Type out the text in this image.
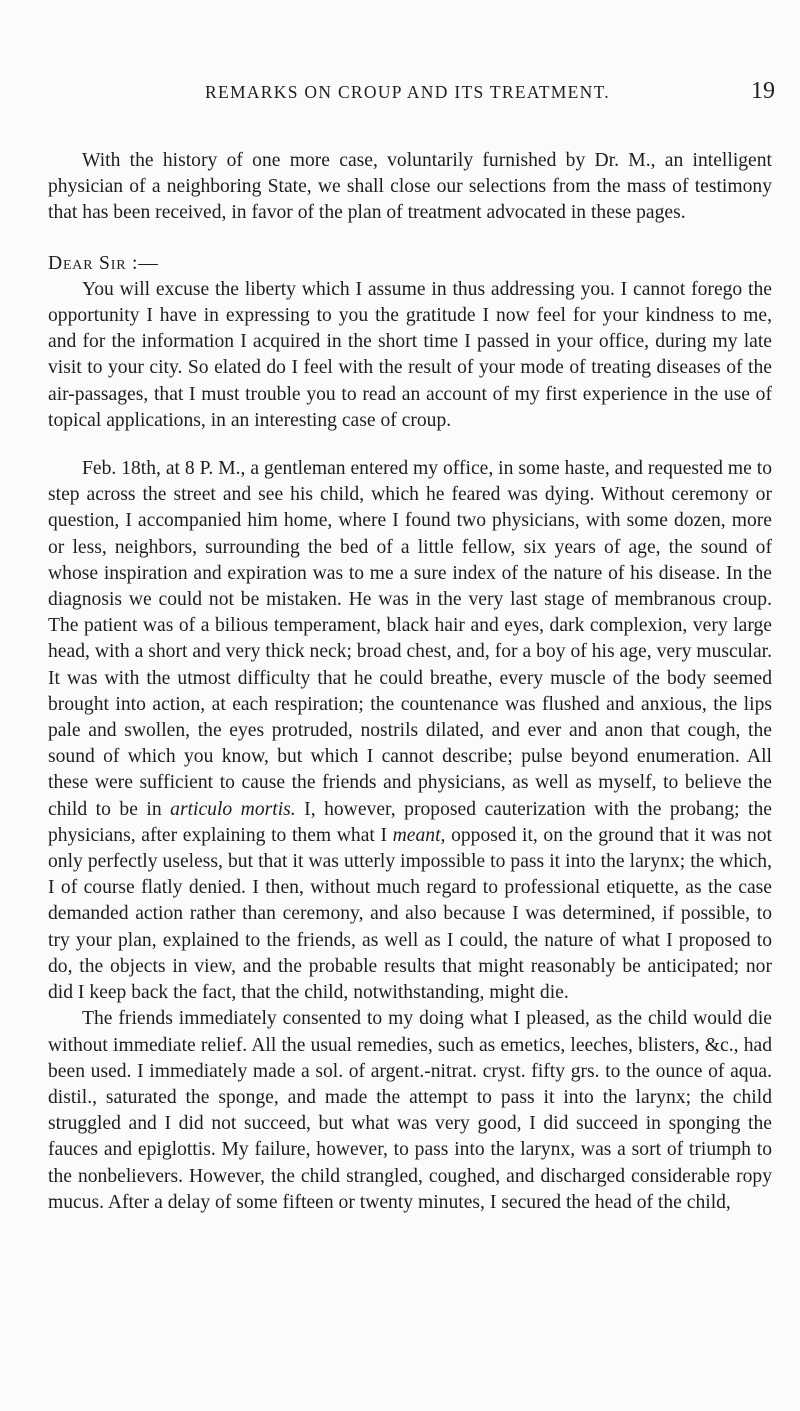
REMARKS ON CROUP AND ITS TREATMENT.	19

With the history of one more case, voluntarily furnished by Dr. M., an intelligent physician of a neighboring State, we shall close our selections from the mass of testimony that has been received, in favor of the plan of treatment advocated in these pages.

Dear Sir :—

You will excuse the liberty which I assume in thus addressing you. I cannot forego the opportunity I have in expressing to you the gratitude I now feel for your kindness to me, and for the information I acquired in the short time I passed in your office, during my late visit to your city. So elated do I feel with the result of your mode of treating diseases of the air-passages, that I must trouble you to read an account of my first experience in the use of topical applications, in an interesting case of croup.

Feb. 18th, at 8 P. M., a gentleman entered my office, in some haste, and requested me to step across the street and see his child, which he feared was dying. Without ceremony or question, I accompanied him home, where I found two physicians, with some dozen, more or less, neighbors, surrounding the bed of a little fellow, six years of age, the sound of whose inspiration and expiration was to me a sure index of the nature of his disease. In the diagnosis we could not be mistaken. He was in the very last stage of membranous croup. The patient was of a bilious temperament, black hair and eyes, dark complexion, very large head, with a short and very thick neck; broad chest, and, for a boy of his age, very muscular. It was with the utmost difficulty that he could breathe, every muscle of the body seemed brought into action, at each respiration; the countenance was flushed and anxious, the lips pale and swollen, the eyes protruded, nostrils dilated, and ever and anon that cough, the sound of which you know, but which I cannot describe; pulse beyond enumeration. All these were sufficient to cause the friends and physicians, as well as myself, to believe the child to be in articulo mortis. I, however, proposed cauterization with the probang; the physicians, after explaining to them what I meant, opposed it, on the ground that it was not only perfectly useless, but that it was utterly impossible to pass it into the larynx; the which, I of course flatly denied. I then, without much regard to professional etiquette, as the case demanded action rather than ceremony, and also because I was determined, if possible, to try your plan, explained to the friends, as well as I could, the nature of what I proposed to do, the objects in view, and the probable results that might reasonably be anticipated; nor did I keep back the fact, that the child, notwithstanding, might die.

The friends immediately consented to my doing what I pleased, as the child would die without immediate relief. All the usual remedies, such as emetics, leeches, blisters, &c., had been used. I immediately made a sol. of argent.-nitrat. cryst. fifty grs. to the ounce of aqua. distil., saturated the sponge, and made the attempt to pass it into the larynx; the child struggled and I did not succeed, but what was very good, I did succeed in sponging the fauces and epiglottis. My failure, however, to pass into the larynx, was a sort of triumph to the nonbelievers. However, the child strangled, coughed, and discharged considerable ropy mucus. After a delay of some fifteen or twenty minutes, I secured the head of the child,
